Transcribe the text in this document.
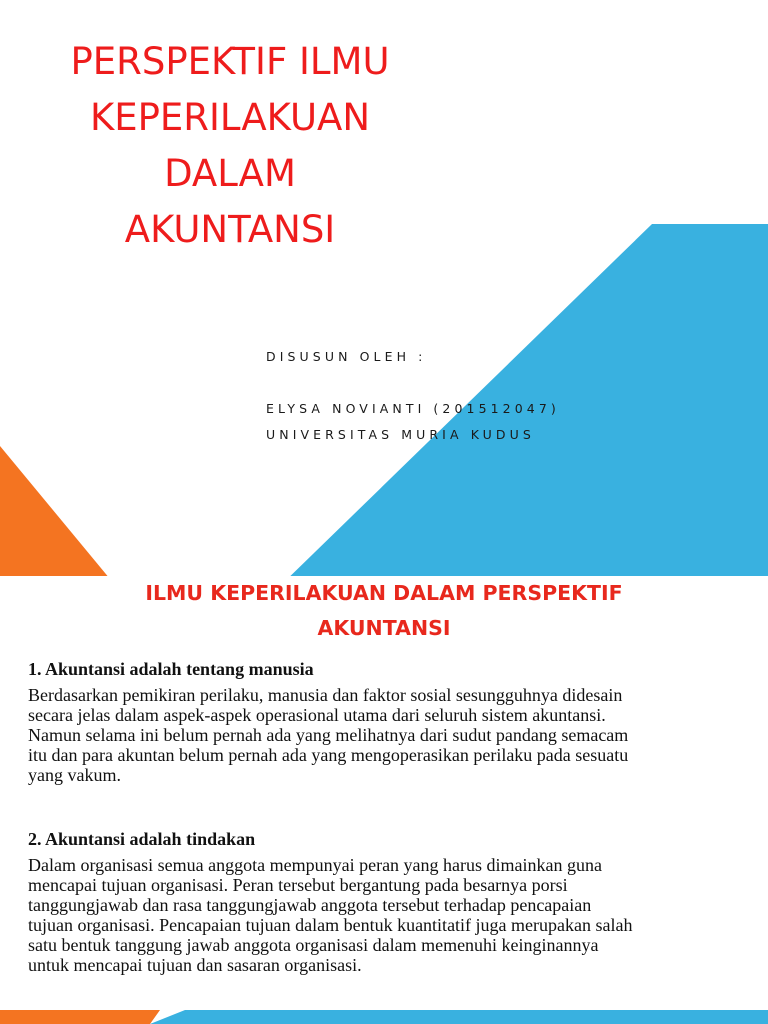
PERSPEKTIF ILMU
KEPERILAKUAN
DALAM
AKUNTANSI
DISUSUN OLEH :
ELYSA NOVIANTI (201512047)
UNIVERSITAS MURIA KUDUS
ILMU KEPERILAKUAN DALAM PERSPEKTIF
AKUNTANSI
1. Akuntansi adalah tentang manusia

Berdasarkan pemikiran perilaku, manusia dan faktor sosial sesungguhnya didesain
secara jelas dalam aspek-aspek operasional utama dari seluruh sistem akuntansi.
Namun selama ini belum pernah ada yang melihatnya dari sudut pandang semacam
itu dan para akuntan belum pernah ada yang mengoperasikan perilaku pada sesuatu
yang vakum.

2. Akuntansi adalah tindakan

Dalam organisasi semua anggota mempunyai peran yang harus dimainkan guna
mencapai tujuan organisasi. Peran tersebut bergantung pada besarnya porsi
tanggungjawab dan rasa tanggungjawab anggota tersebut terhadap pencapaian
tujuan organisasi. Pencapaian tujuan dalam bentuk kuantitatif juga merupakan salah
satu bentuk tanggung jawab anggota organisasi dalam memenuhi keinginannya
untuk mencapai tujuan dan sasaran organisasi.
